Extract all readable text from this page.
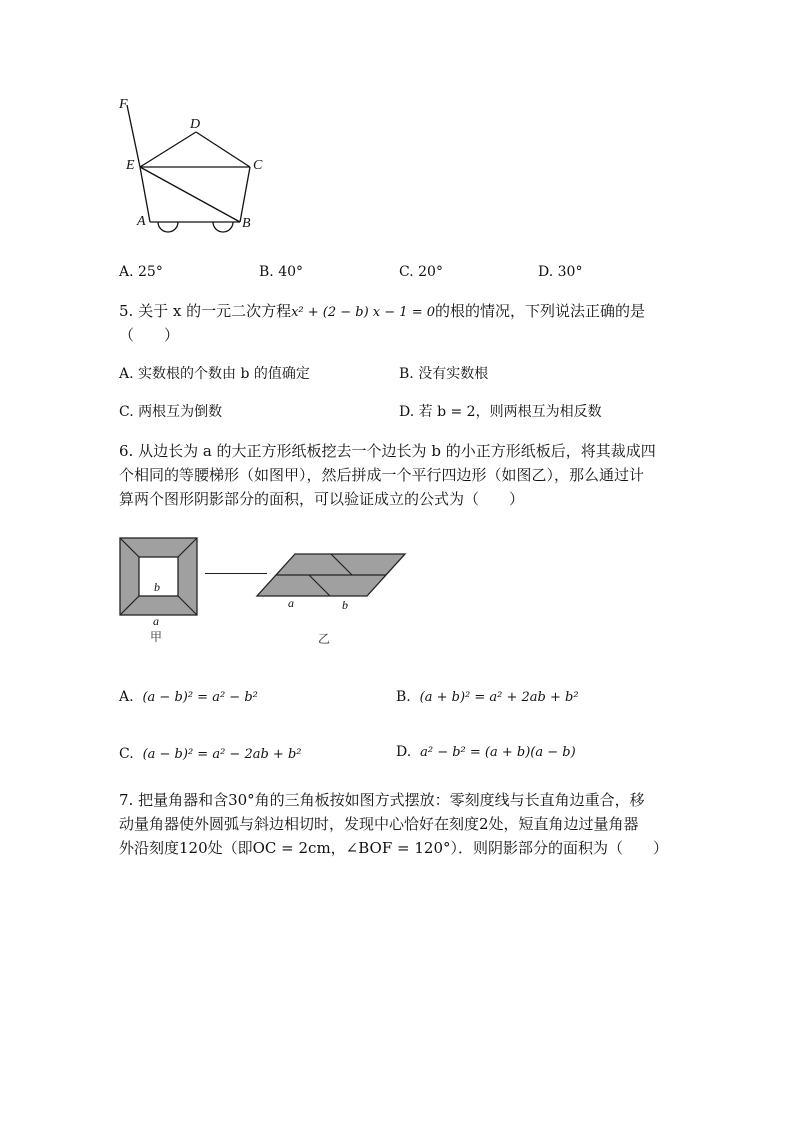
F
D
E	C
A	B
A. 25°	B. 40°	C. 20°	D. 30°
5. 关于 x 的一元二次方程x² + (2 − b) x − 1 = 0的根的情况，下列说法正确的是
（　　）
A. 实数根的个数由 b 的值确定	B. 没有实数根
C. 两根互为倒数	D. 若 b = 2，则两根互为相反数
6. 从边长为 a 的大正方形纸板挖去一个边长为 b 的小正方形纸板后，将其裁成四
个相同的等腰梯形（如图甲），然后拼成一个平行四边形（如图乙），那么通过计
算两个图形阴影部分的面积，可以验证成立的公式为（　　）
b
a
甲
a	b
乙
A. (a − b)² = a² − b²	B. (a + b)² = a² + 2ab + b²
C. (a − b)² = a² − 2ab + b²	D. a² − b² = (a + b)(a − b)
7. 把量角器和含30°角的三角板按如图方式摆放：零刻度线与长直角边重合，移
动量角器使外圆弧与斜边相切时，发现中心恰好在刻度2处，短直角边过量角器
外沿刻度120处（即OC = 2cm，∠BOF = 120°）．则阴影部分的面积为（　　）
